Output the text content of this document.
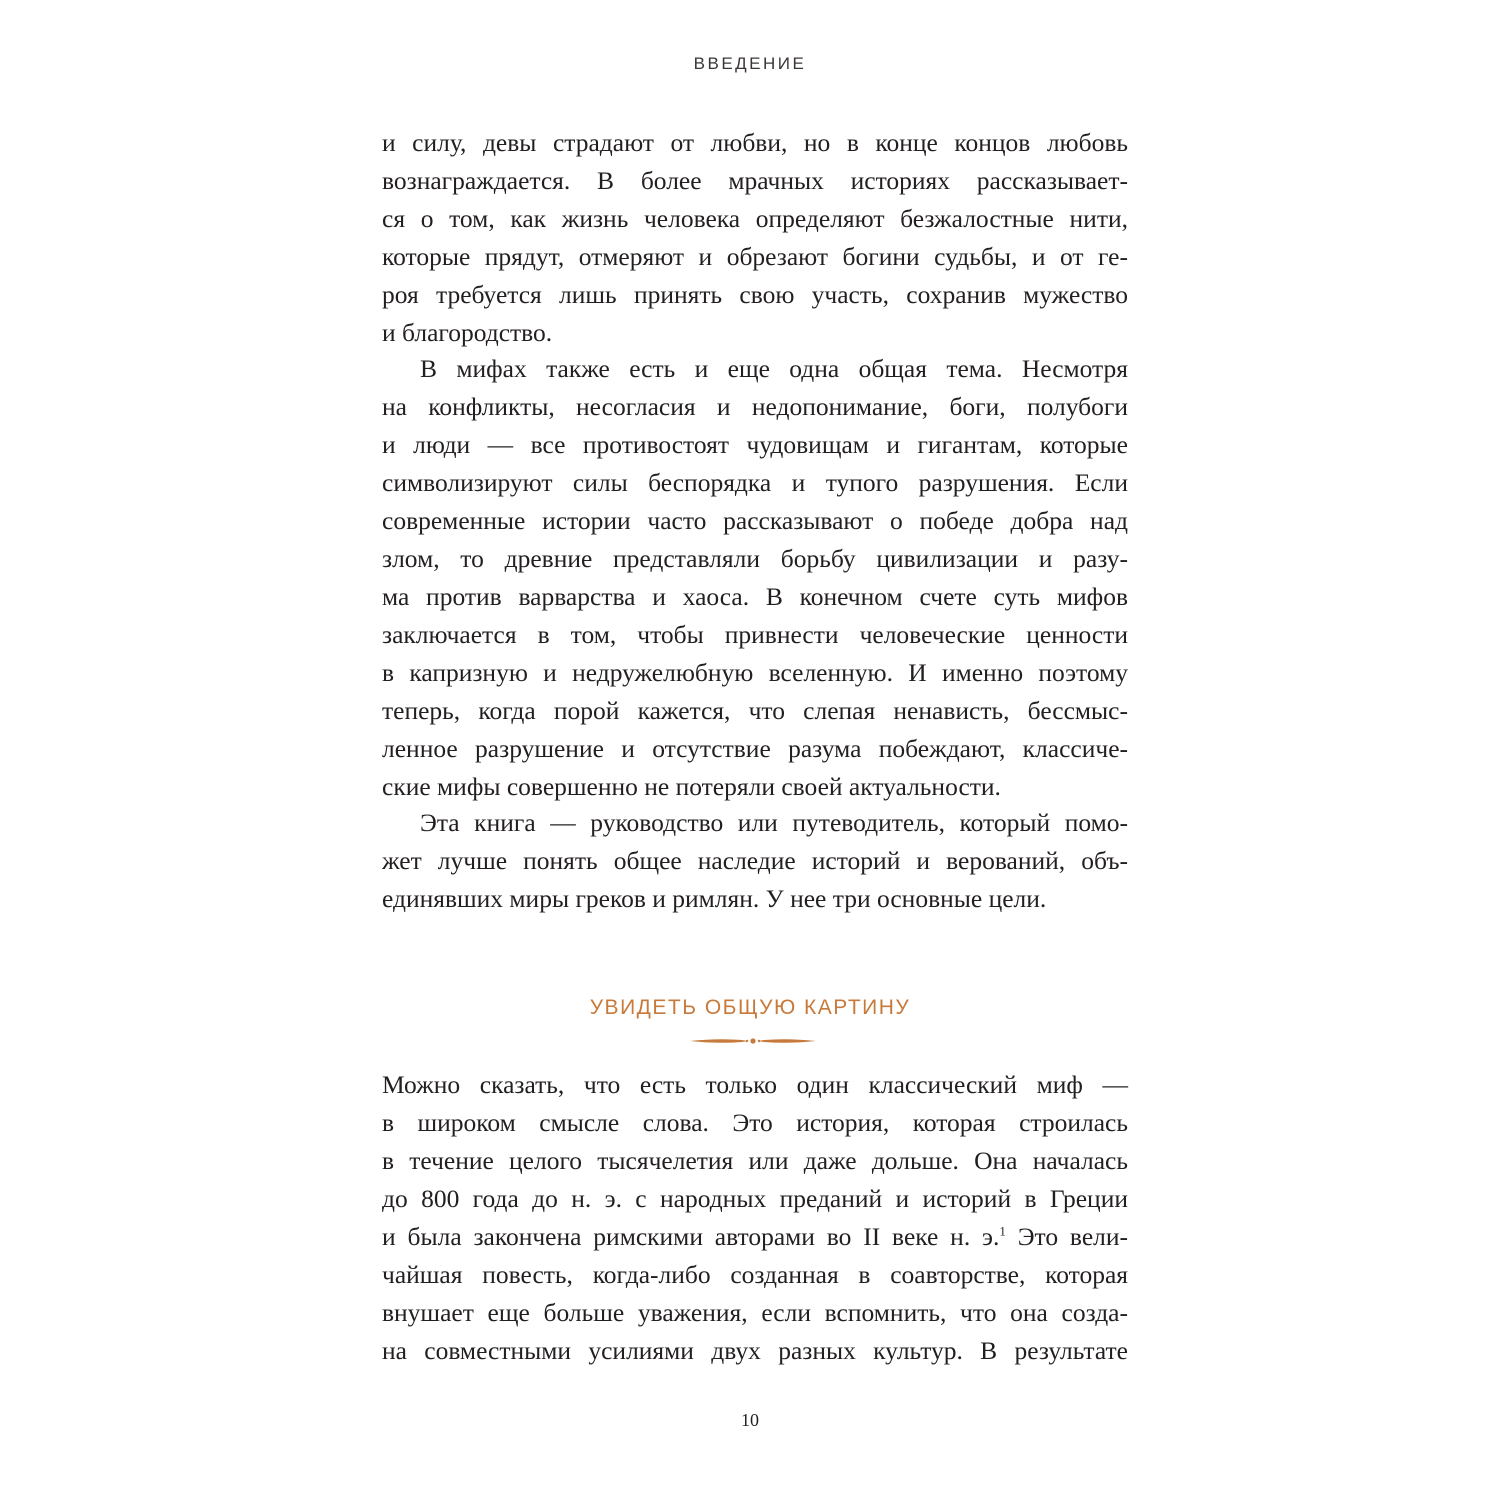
ВВЕДЕНИЕ
и силу, девы страдают от любви, но в конце концов любовь
вознаграждается. В более мрачных историях рассказывает-
ся о том, как жизнь человека определяют безжалостные нити,
которые прядут, отмеряют и обрезают богини судьбы, и от ге-
роя требуется лишь принять свою участь, сохранив мужество
и благородство.
В мифах также есть и еще одна общая тема. Несмотря
на конфликты, несогласия и недопонимание, боги, полубоги
и люди — все противостоят чудовищам и гигантам, которые
символизируют силы беспорядка и тупого разрушения. Если
современные истории часто рассказывают о победе добра над
злом, то древние представляли борьбу цивилизации и разу-
ма против варварства и хаоса. В конечном счете суть мифов
заключается в том, чтобы привнести человеческие ценности
в капризную и недружелюбную вселенную. И именно поэтому
теперь, когда порой кажется, что слепая ненависть, бессмыс-
ленное разрушение и отсутствие разума побеждают, классиче-
ские мифы совершенно не потеряли своей актуальности.
Эта книга — руководство или путеводитель, который помо-
жет лучше понять общее наследие историй и верований, объ-
единявших миры греков и римлян. У нее три основные цели.
УВИДЕТЬ ОБЩУЮ КАРТИНУ
Можно сказать, что есть только один классический миф —
в широком смысле слова. Это история, которая строилась
в течение целого тысячелетия или даже дольше. Она началась
до 800 года до н. э. с народных преданий и историй в Греции
и была закончена римскими авторами во II веке н. э.$^1$ Это вели-
чайшая повесть, когда-либо созданная в соавторстве, которая
внушает еще больше уважения, если вспомнить, что она созда-
на совместными усилиями двух разных культур. В результате
10
